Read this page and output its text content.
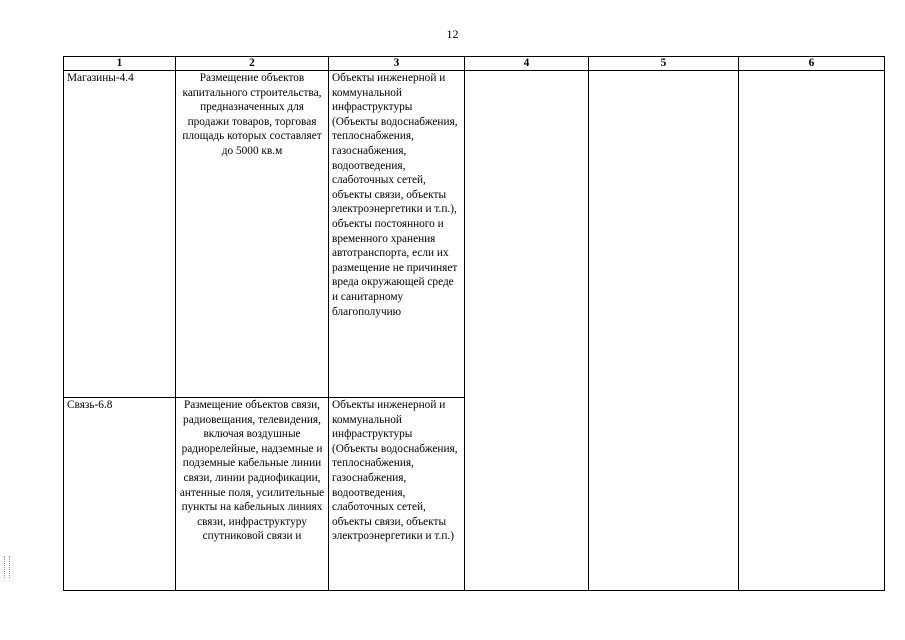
12
1	2	3	4	5	6
Магазины-4.4	Размещение объектов капитального строительства, предназначенных для продажи товаров, торговая площадь которых составляет до 5000 кв.м	Объекты инженерной и коммунальной инфраструктуры (Объекты водоснабжения, теплоснабжения, газоснабжения, водоотведения, слаботочных сетей, объекты связи, объекты электроэнергетики и т.п.), объекты постоянного и временного хранения автотранспорта, если их размещение не причиняет вреда окружающей среде и санитарному благополучию			
Связь-6.8	Размещение объектов связи, радиовещания, телевидения, включая воздушные радиорелейные, надземные и подземные кабельные линии связи, линии радиофикации, антенные поля, усилительные пункты на кабельных линиях связи, инфраструктуру спутниковой связи и	Объекты инженерной и коммунальной инфраструктуры (Объекты водоснабжения, теплоснабжения, газоснабжения, водоотведения, слаботочных сетей, объекты связи, объекты электроэнергетики и т.п.)			
